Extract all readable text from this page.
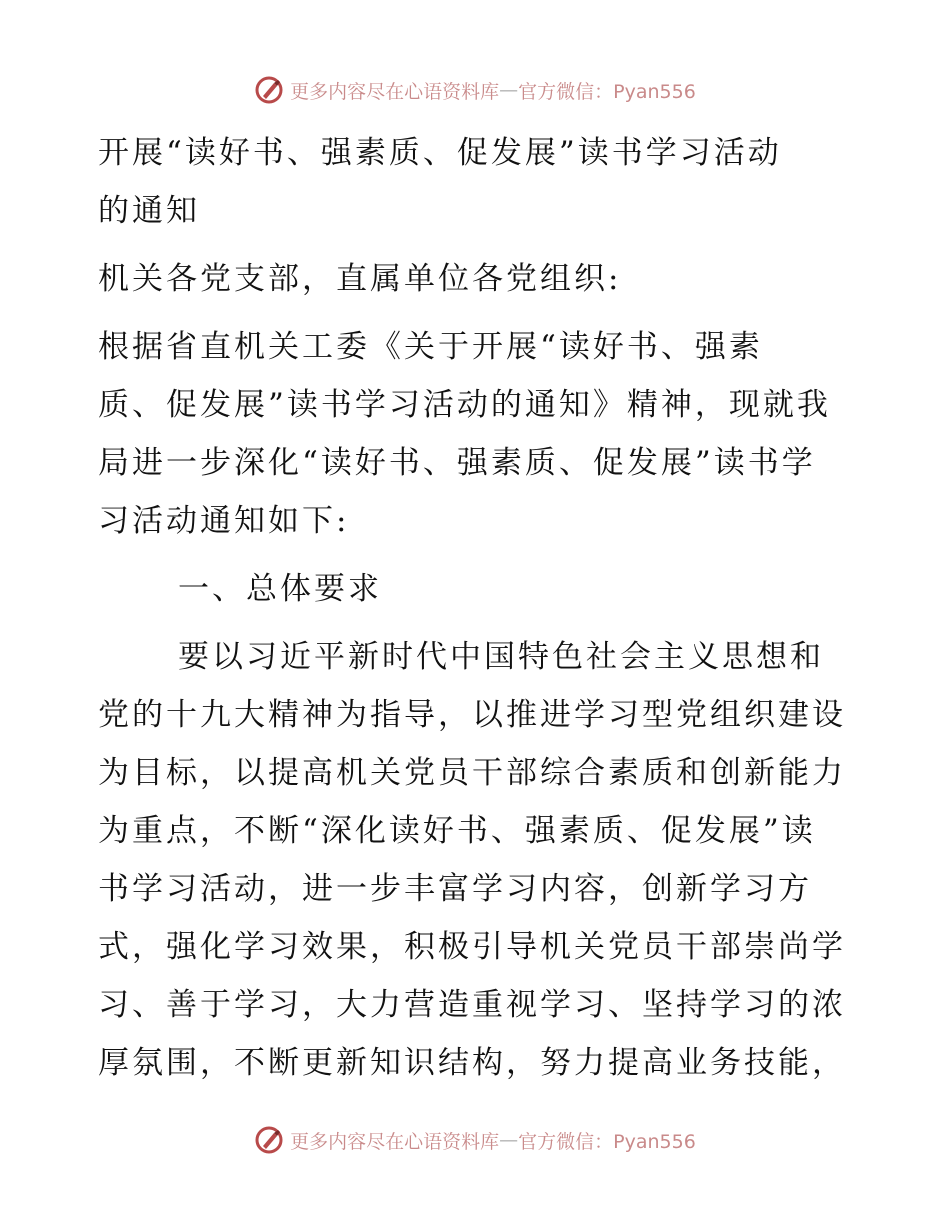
更多内容尽在心语资料库 — 官方微信：Pyan556

开展“读好书、强素质、促发展”读书学习活动
的通知

机关各党支部，直属单位各党组织:

根据省直机关工委《关于开展“读好书、强素
质、促发展”读书学习活动的通知》精神，现就我
局进一步深化“读好书、强素质、促发展”读书学
习活动通知如下:

一、总体要求

要以习近平新时代中国特色社会主义思想和
党的十九大精神为指导，以推进学习型党组织建设
为目标，以提高机关党员干部综合素质和创新能力
为重点，不断“深化读好书、强素质、促发展”读
书学习活动，进一步丰富学习内容，创新学习方
式，强化学习效果，积极引导机关党员干部崇尚学
习、善于学习，大力营造重视学习、坚持学习的浓
厚氛围，不断更新知识结构，努力提高业务技能，

更多内容尽在心语资料库 — 官方微信：Pyan556
